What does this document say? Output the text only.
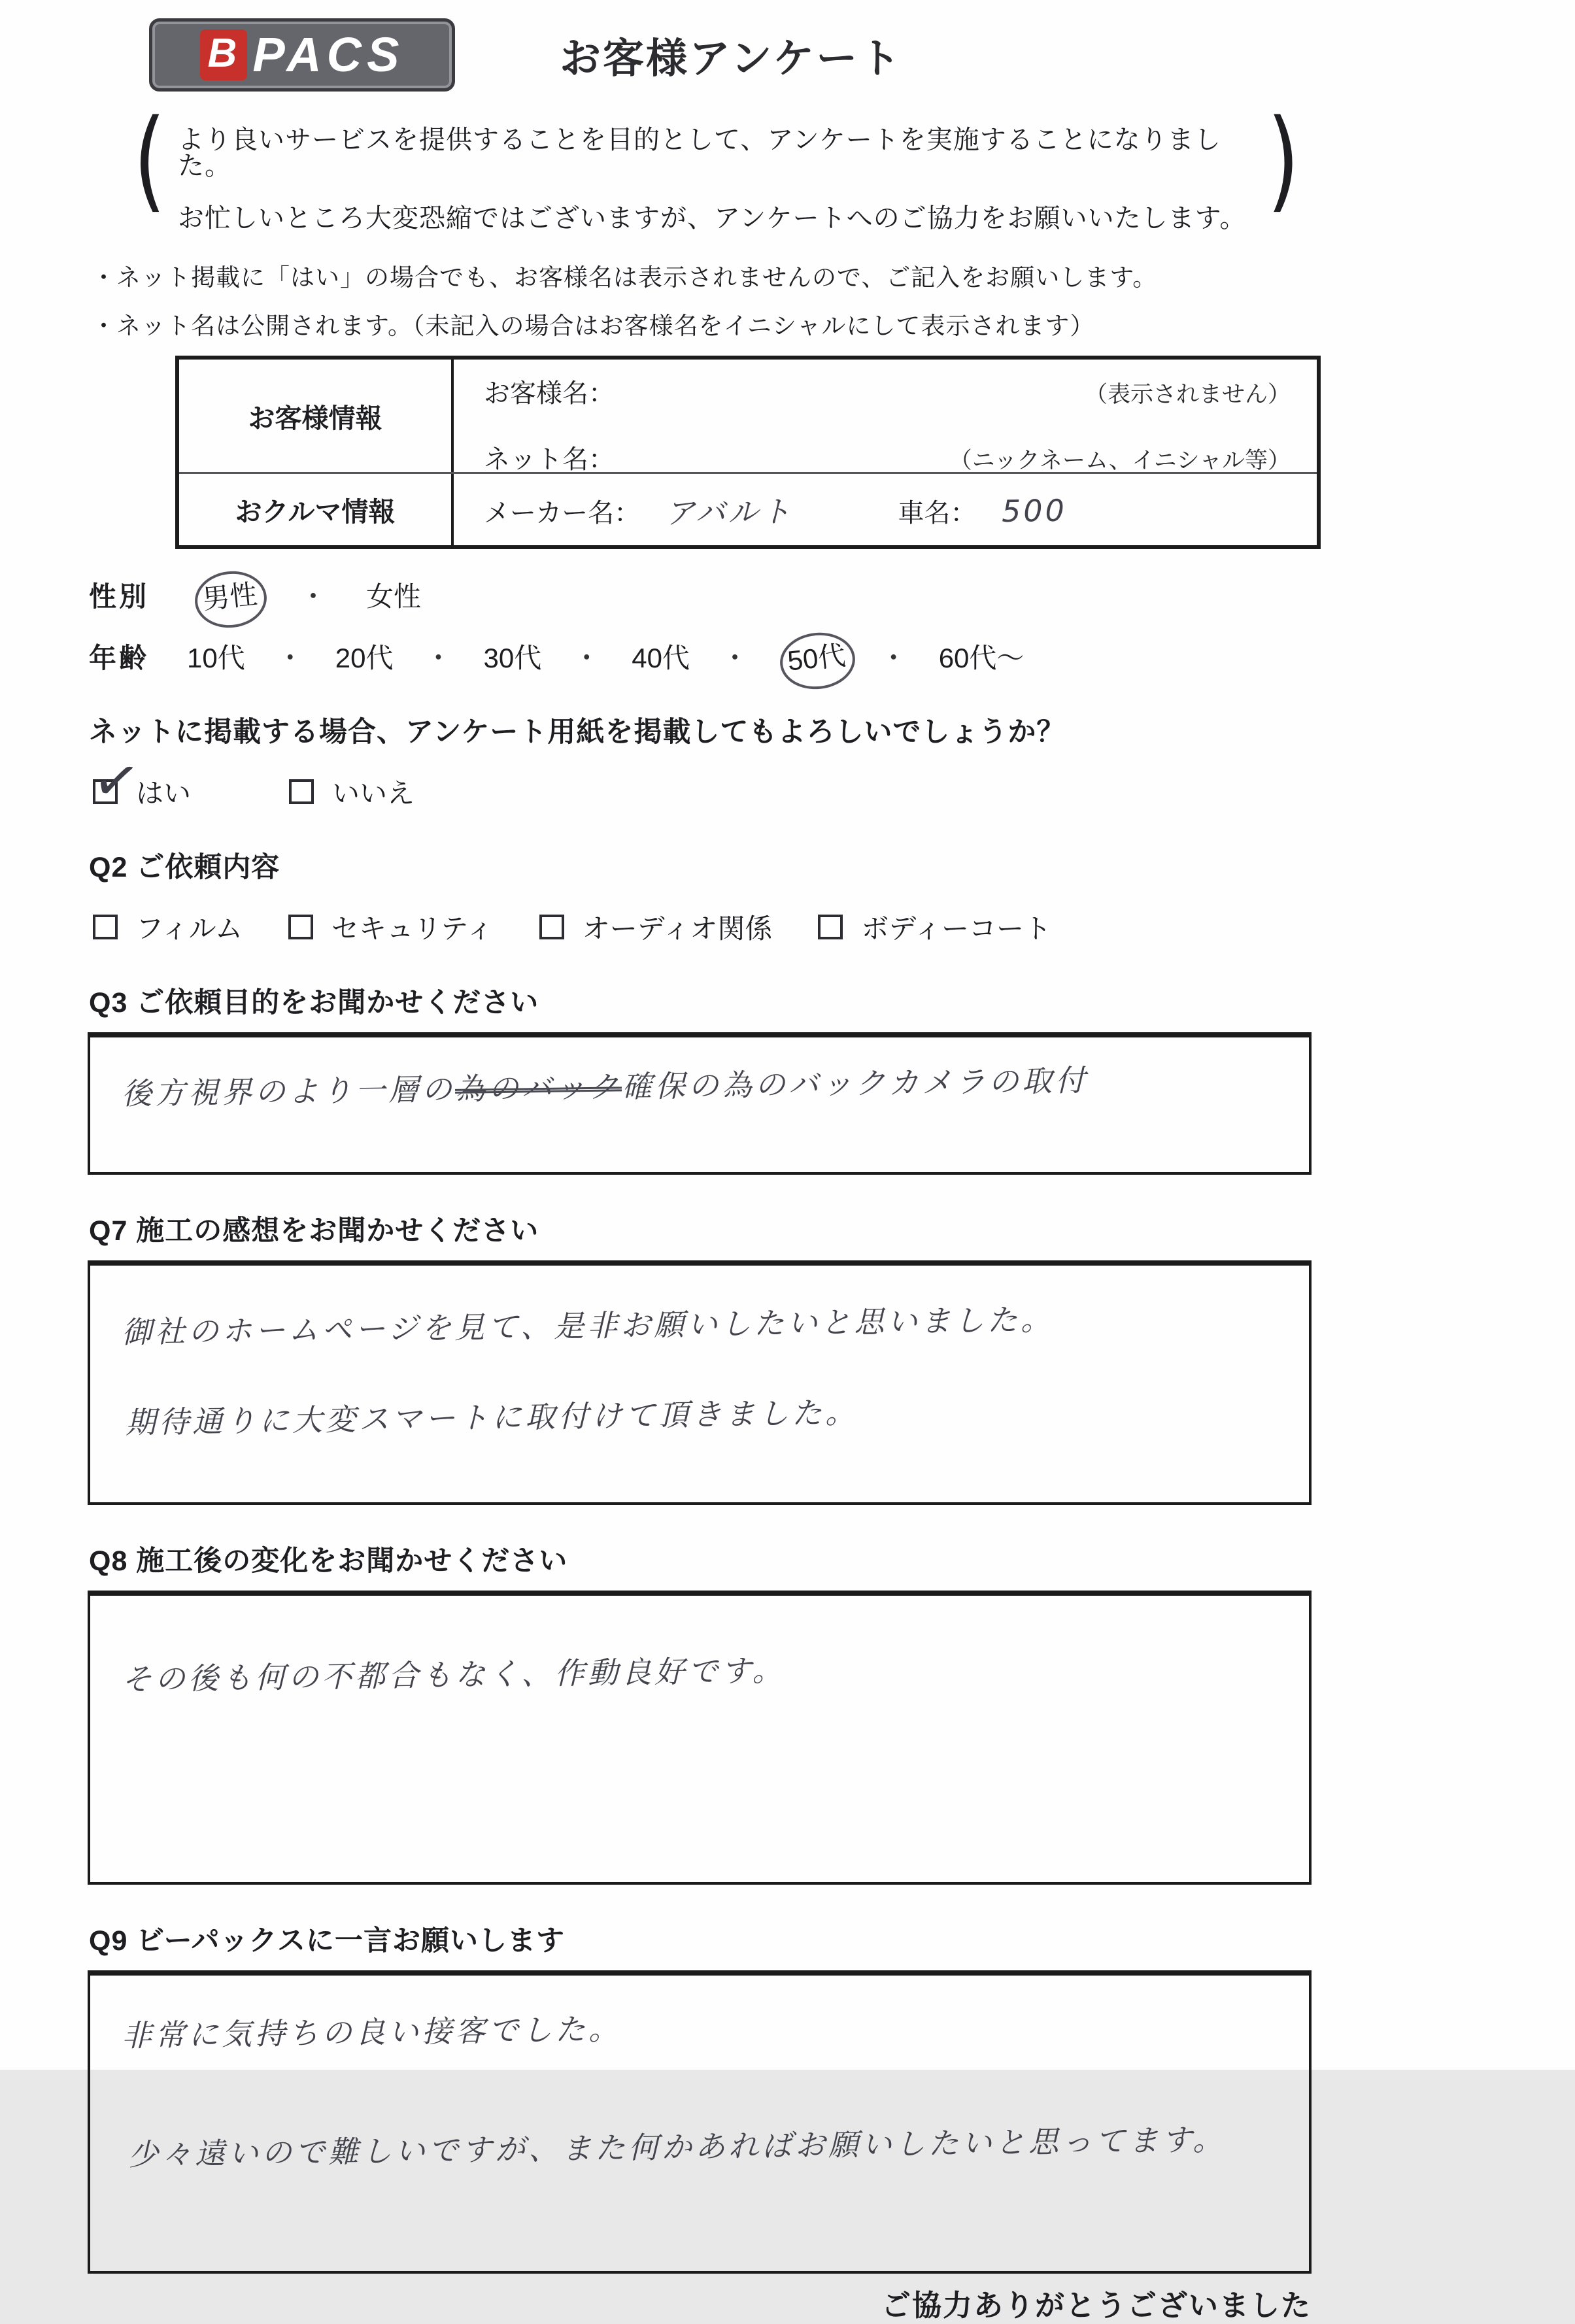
B PACS	お客様アンケート
(	)

より良いサービスを提供することを目的として、アンケートを実施することになりました。

お忙しいところ大変恐縮ではございますが、アンケートへのご協力をお願いいたします。

・ネット掲載に「はい」の場合でも、お客様名は表示されませんので、ご記入をお願いします。

・ネット名は公開されます。（未記入の場合はお客様名をイニシャルにして表示されます）

お客様情報
お客様名：	（表示されません）
ネット名：	（ニックネーム、イニシャル等）
おクルマ情報	メーカー名： アバルト	車名： 500
性別	男性	・ 女性
年齢 10代 ・ 20代 ・ 30代 ・ 40代 ・	50代	・ 60代〜
ネットに掲載する場合、アンケート用紙を掲載してもよろしいでしょうか？
✓
はい	いいえ
Q2 ご依頼内容
フィルム	セキュリティ	オーディオ関係	ボディーコート
Q3 ご依頼目的をお聞かせください
後方視界のより一層の為のバック確保の為のバックカメラの取付
Q7 施工の感想をお聞かせください
御社のホームページを見て、是非お願いしたいと思いました。
期待通りに大変スマートに取付けて頂きました。
Q8 施工後の変化をお聞かせください
その後も何の不都合もなく、作動良好です。
Q9 ビーパックスに一言お願いします
非常に気持ちの良い接客でした。
少々遠いので難しいですが、また何かあればお願いしたいと思ってます。
ご協力ありがとうございました
